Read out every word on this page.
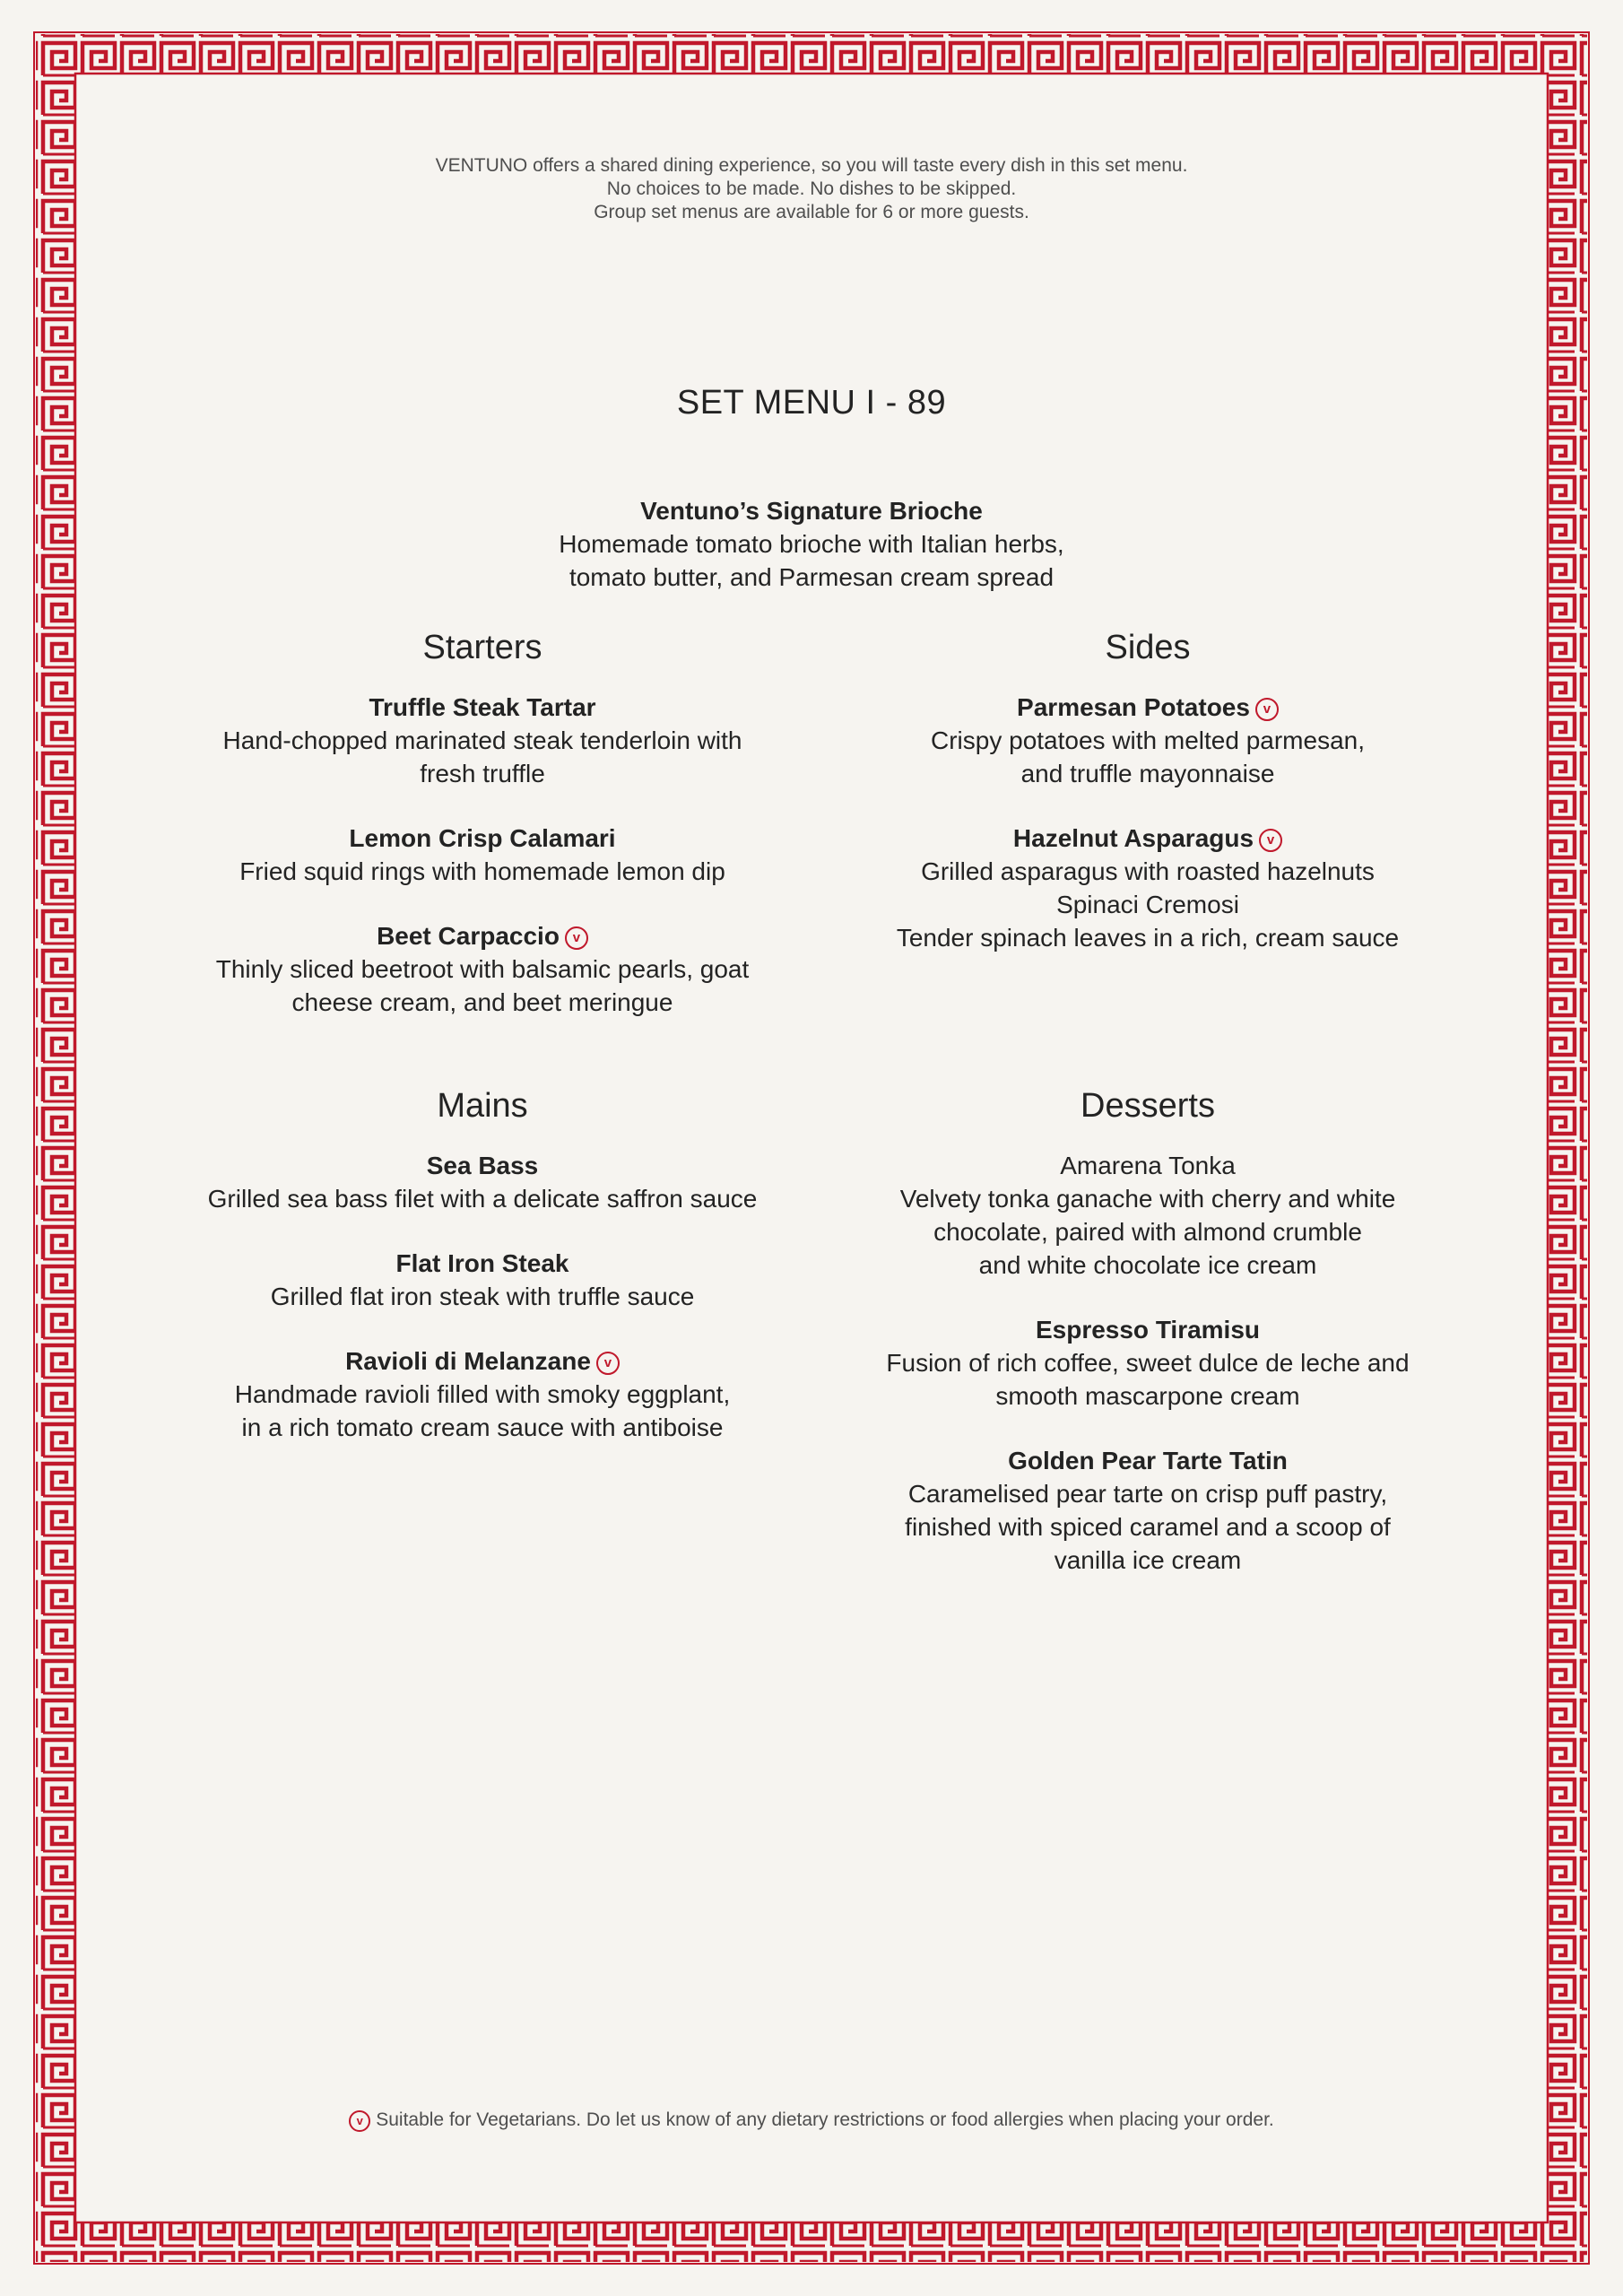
VENTUNO offers a shared dining experience, so you will taste every dish in this set menu.
No choices to be made. No dishes to be skipped.
Group set menus are available for 6 or more guests.
SET MENU I - 89
Ventuno’s Signature Brioche
Homemade tomato brioche with Italian herbs,
tomato butter, and Parmesan cream spread
Starters
Truffle Steak Tartar
Hand-chopped marinated steak tenderloin with
fresh truffle
Lemon Crisp Calamari
Fried squid rings with homemade lemon dip
Beet Carpaccio v
Thinly sliced beetroot with balsamic pearls, goat
cheese cream, and beet meringue
Sides
Parmesan Potatoes v
Crispy potatoes with melted parmesan,
and truffle mayonnaise
Hazelnut Asparagus v
Grilled asparagus with roasted hazelnuts
Spinaci Cremosi
Tender spinach leaves in a rich, cream sauce
Mains
Sea Bass
Grilled sea bass filet with a delicate saffron sauce
Flat Iron Steak
Grilled flat iron steak with truffle sauce
Ravioli di Melanzane v
Handmade ravioli filled with smoky eggplant,
in a rich tomato cream sauce with antiboise
Desserts
Amarena Tonka
Velvety tonka ganache with cherry and white
chocolate, paired with almond crumble
and white chocolate ice cream
Espresso Tiramisu
Fusion of rich coffee, sweet dulce de leche and
smooth mascarpone cream
Golden Pear Tarte Tatin
Caramelised pear tarte on crisp puff pastry,
finished with spiced caramel and a scoop of
vanilla ice cream
v Suitable for Vegetarians. Do let us know of any dietary restrictions or food allergies when placing your order.
